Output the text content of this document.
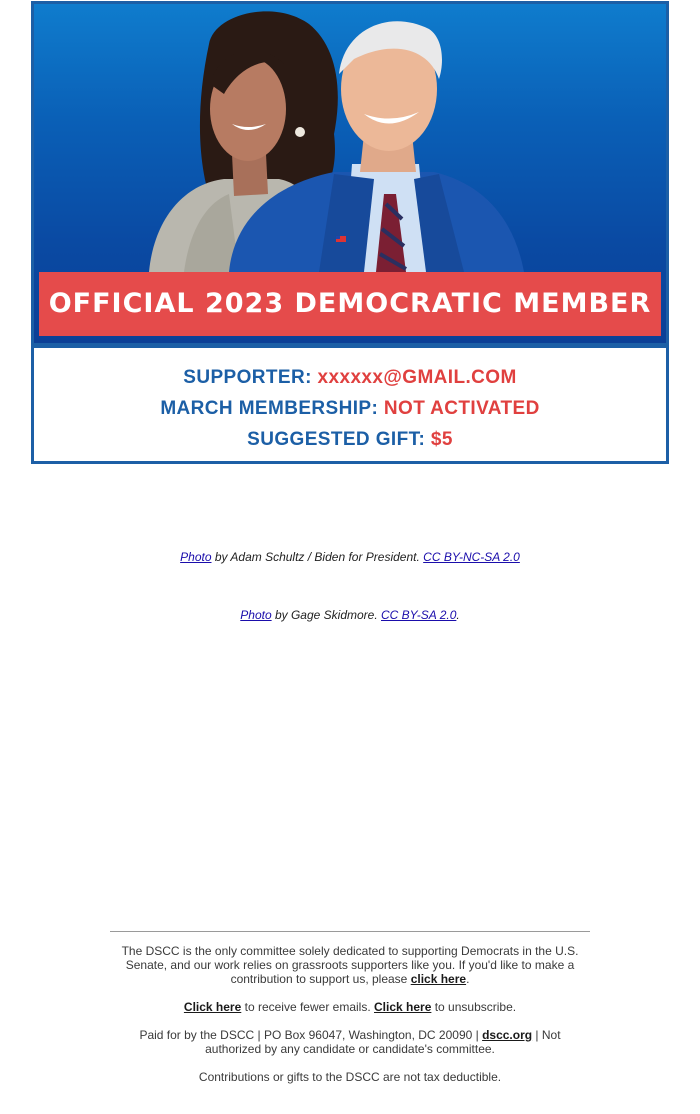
OFFICIAL 2023 DEMOCRATIC MEMBER
SUPPORTER: xxxxxx@GMAIL.COM
MARCH MEMBERSHIP: NOT ACTIVATED
SUGGESTED GIFT: $5
Photo by Adam Schultz / Biden for President. CC BY-NC-SA 2.0
Photo by Gage Skidmore. CC BY-SA 2.0.
The DSCC is the only committee solely dedicated to supporting Democrats in the U.S. Senate, and our work relies on grassroots supporters like you. If you'd like to make a contribution to support us, please click here.
Click here to receive fewer emails. Click here to unsubscribe.
Paid for by the DSCC | PO Box 96047, Washington, DC 20090 | dscc.org | Not authorized by any candidate or candidate's committee.
Contributions or gifts to the DSCC are not tax deductible.
